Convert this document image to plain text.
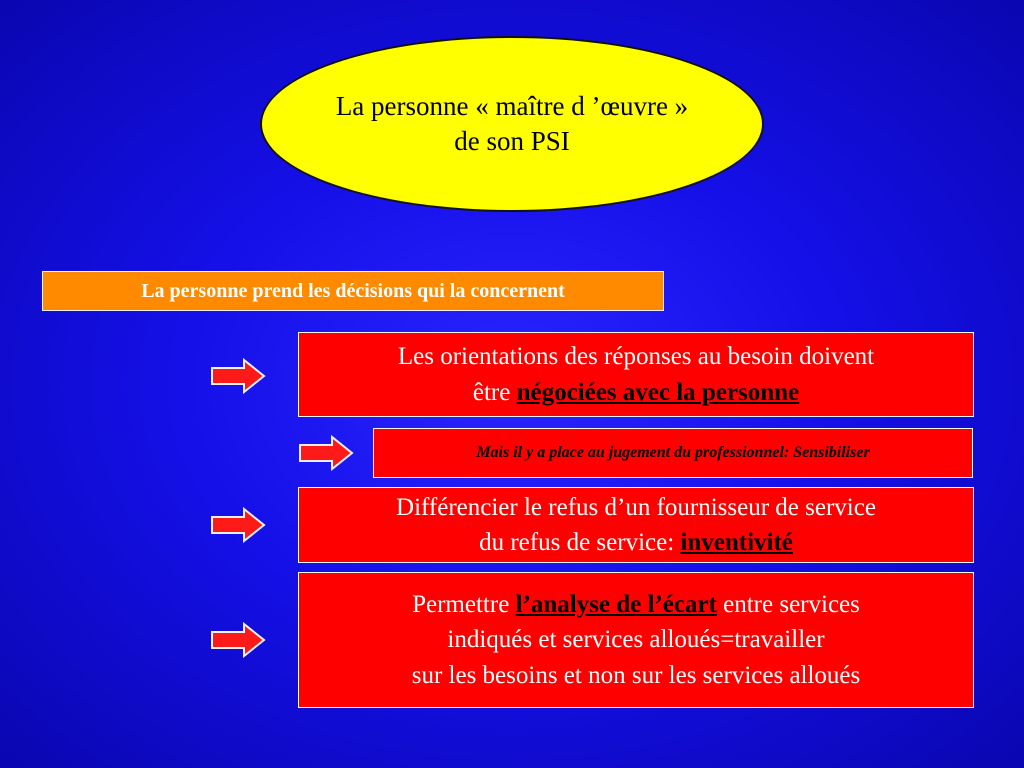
La personne « maître d ’œuvre »
de son PSI
La personne prend les décisions qui la concernent
Les orientations des réponses au besoin doivent
être négociées avec la personne
Mais il y a place au jugement du professionnel: Sensibiliser
Différencier le refus d’un fournisseur de service
du refus de service: inventivité
Permettre l’analyse de l’écart entre services
indiqués et services alloués=travailler
sur les besoins et non sur les services alloués
